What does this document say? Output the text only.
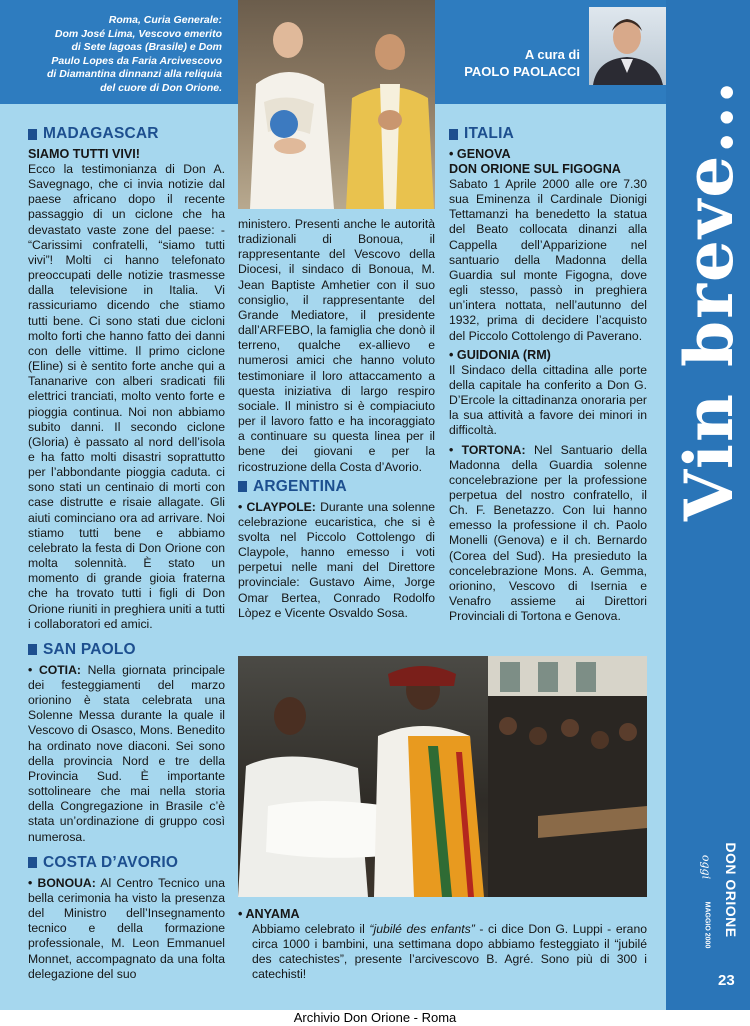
Roma, Curia Generale:
Dom José Lima, Vescovo emerito
di Sete lagoas (Brasile) e Dom
Paulo Lopes da Faria Arcivescovo
di Diamantina dinnanzi alla reliquia
del cuore di Don Orione.
A cura di
PAOLO PAOLACCI
Vin breve...
MADAGASCAR
SIAMO TUTTI VIVI!

Ecco la testimonianza di Don A. Savegnago, che ci invia notizie dal paese africano dopo il recente passaggio di un ciclone che ha devastato vaste zone del paese: - “Carissimi confratelli, “siamo tutti vivi”! Molti ci hanno telefonato preoccupati delle notizie trasmesse dalla televisione in Italia. Vi rassicuriamo dicendo che stiamo tutti bene. Ci sono stati due cicloni molto forti che hanno fatto dei danni con delle vittime. Il primo ciclone (Eline) si è sentito forte anche qui a Tananarive con alberi sradicati fili elettrici tranciati, molto vento forte e pioggia continua. Noi non abbiamo subito danni. Il secondo ciclone (Gloria) è passato al nord dell’isola e ha fatto molti disastri soprattutto per l’abbondante pioggia caduta. ci sono stati un centinaio di morti con case distrutte e risaie allagate. Gli aiuti cominciano ora ad arrivare. Noi stiamo tutti bene e abbiamo celebrato la festa di Don Orione con molta solennità. È stato un momento di grande gioia fraterna che ha trovato tutti i figli di Don Orione riuniti in preghiera uniti a tutti i collaboratori ed amici.

SAN PAOLO

• COTIA: Nella giornata principale dei festeggiamenti del marzo orionino è stata celebrata una Solenne Messa durante la quale il Vescovo di Osasco, Mons. Benedito ha ordinato nove diaconi. Sei sono della provincia Nord e tre della Provincia Sud. È importante sottolineare che mai nella storia della Congregazione in Brasile c’è stata un’ordinazione di gruppo così numerosa.

COSTA D’AVORIO

• BONOUA: Al Centro Tecnico una bella cerimonia ha visto la presenza del Ministro dell’Insegnamento tecnico e della formazione professionale, M. Leon Emmanuel Monnet, accompagnato da una folta delegazione del suo

ministero. Presenti anche le autorità tradizionali di Bonoua, il rappresentante del Vescovo della Diocesi, il sindaco di Bonoua, M. Jean Baptiste Amhetier con il suo consiglio, il rappresentante del Grande Mediatore, il presidente dall’ARFEBO, la famiglia che donò il terreno, qualche ex-allievo e numerosi amici che hanno voluto testimoniare il loro attaccamento a questa iniziativa di largo respiro sociale. Il ministro si è compiaciuto per il lavoro fatto e ha incoraggiato a continuare su questa linea per il bene dei giovani e per la ricostruzione della Costa d’Avorio.

ARGENTINA

• CLAYPOLE: Durante una solenne celebrazione eucaristica, che si è svolta nel Piccolo Cottolengo di Claypole, hanno emesso i voti perpetui nelle mani del Direttore provinciale: Gustavo Aime, Jorge Omar Bertea, Conrado Rodolfo Lòpez e Vicente Osvaldo Sosa.

ITALIA
• GENOVA
DON ORIONE SUL FIGOGNA

Sabato 1 Aprile 2000 alle ore 7.30 sua Eminenza il Cardinale Dionigi Tettamanzi ha benedetto la statua del Beato collocata dinanzi alla Cappella dell’Apparizione nel santuario della Madonna della Guardia sul monte Figogna, dove egli stesso, passò in preghiera un’intera nottata, nell’autunno del 1932, prima di decidere l’acquisto del Piccolo Cottolengo di Paverano.

• GUIDONIA (RM)

Il Sindaco della cittadina alle porte della capitale ha conferito a Don G. D’Ercole la cittadinanza onoraria per la sua attività a favore dei minori in difficoltà.

• TORTONA: Nel Santuario della Madonna della Guardia solenne concelebrazione per la professione perpetua del nostro confratello, il Ch. F. Benetazzo. Con lui hanno emesso la professione il ch. Paolo Monelli (Genova) e il ch. Bernardo (Corea del Sud). Ha presieduto la concelebrazione Mons. A. Gemma, orionino, Vescovo di Isernia e Venafro assieme ai Direttori Provinciali di Tortona e Genova.

• ANYAMA

Abbiamo celebrato il “jubilé des enfants” - ci dice Don G. Luppi - erano circa 1000 i bambini, una settimana dopo abbiamo festeggiato il “jubilé des catechistes”, presente l’arcivescovo B. Agré. Sono più di 300 i catechisti!

oggi DON ORIONE
MAGGIO 2000
23
Archivio Don Orione - Roma
